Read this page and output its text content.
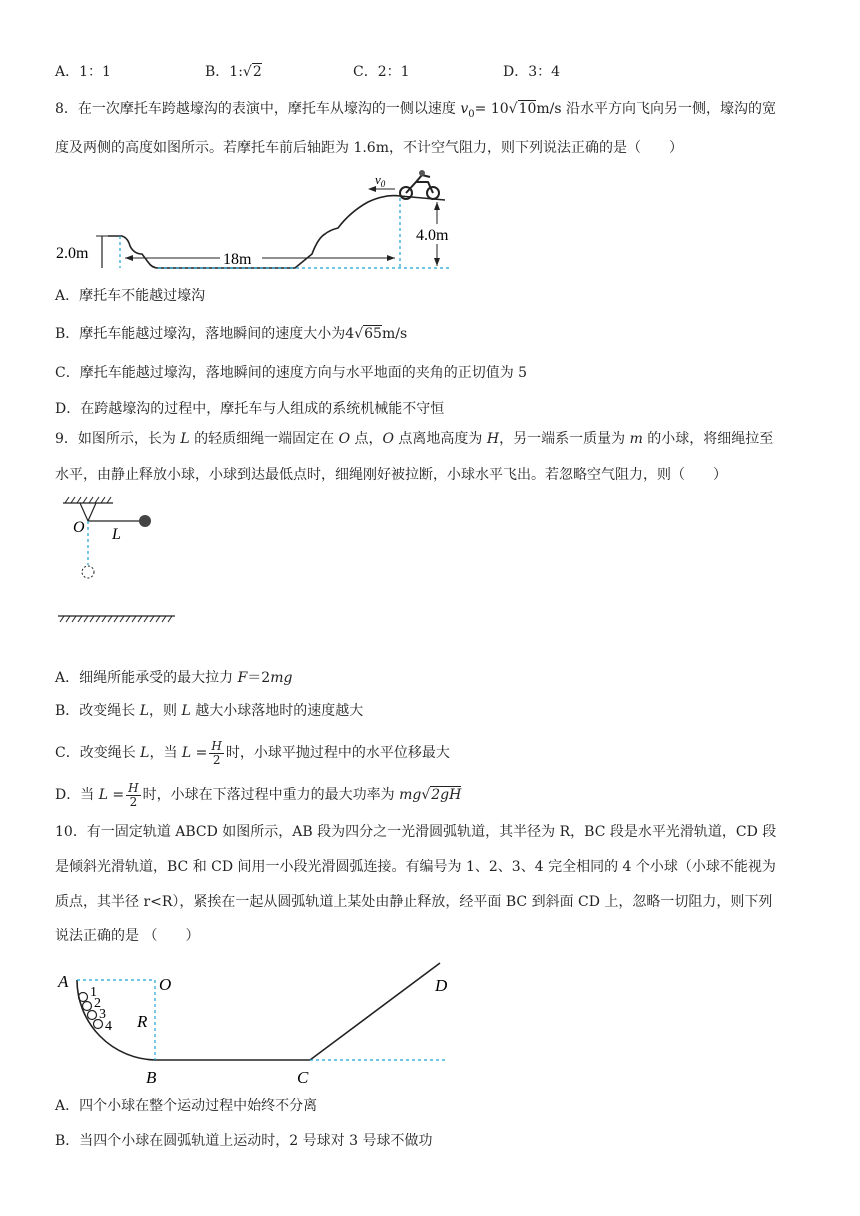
A．1：1	B．1:√2	C．2：1	D．3：4
8．在一次摩托车跨越壕沟的表演中，摩托车从壕沟的一侧以速度 $v_0= 10√10m/s$ 沿水平方向飞向另一侧，壕沟的宽
度及两侧的高度如图所示。若摩托车前后轴距为 1.6m，不计空气阻力，则下列说法正确的是（　　）
2.0m	18m
4.0m
$v_0$
A．摩托车不能越过壕沟
B．摩托车能越过壕沟，落地瞬间的速度大小为4√65m/s
C．摩托车能越过壕沟，落地瞬间的速度方向与水平地面的夹角的正切值为 5
D．在跨越壕沟的过程中，摩托车与人组成的系统机械能不守恒
9．如图所示，长为 L 的轻质细绳一端固定在 O 点，O 点离地高度为 H，另一端系一质量为 m 的小球，将细绳拉至
水平，由静止释放小球，小球到达最低点时，细绳刚好被拉断，小球水平飞出。若忽略空气阻力，则（　　）
O L
A．细绳所能承受的最大拉力 F＝2mg
B．改变绳长 L，则 L 越大小球落地时的速度越大
C．改变绳长 L，当 $L = \frac{H}{2}$ 时，小球平抛过程中的水平位移最大
D．当 $L = \frac{H}{2}$ 时，小球在下落过程中重力的最大功率为 mg√2gH
10．有一固定轨道 ABCD 如图所示，AB 段为四分之一光滑圆弧轨道，其半径为 R，BC 段是水平光滑轨道，CD 段
是倾斜光滑轨道，BC 和 CD 间用一小段光滑圆弧连接。有编号为 1、2、3、4 完全相同的 4 个小球（小球不能视为
质点，其半径 r<R），紧挨在一起从圆弧轨道上某处由静止释放，经平面 BC 到斜面 CD 上，忽略一切阻力，则下列
说法正确的是 （　　）
1
2
3
4
A	O
R
B	C
D
A．四个小球在整个运动过程中始终不分离
B．当四个小球在圆弧轨道上运动时，2 号球对 3 号球不做功
